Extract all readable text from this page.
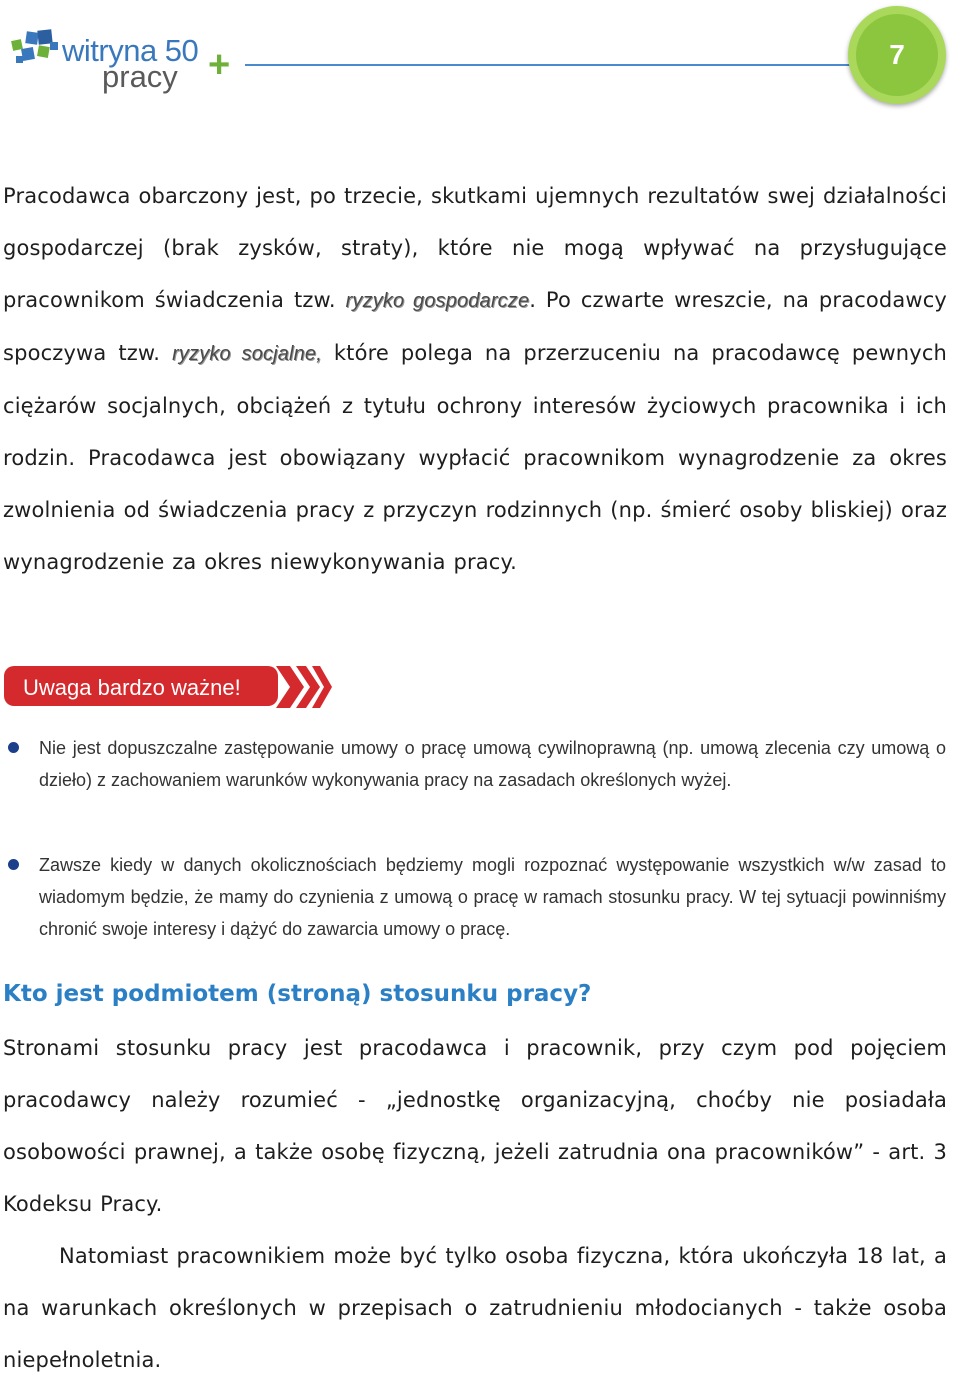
witryna 50 +
pracy
7

Pracodawca obarczony jest, po trzecie, skutkami ujemnych rezultatów swej działalności gospodarczej (brak zysków, straty), które nie mogą wpływać na przysługujące pracownikom świadczenia tzw. ryzyko gospodarcze. Po czwarte wreszcie, na pracodawcy spoczywa tzw. ryzyko socjalne, które polega na przerzuceniu na pracodawcę pewnych ciężarów socjalnych, obciążeń z tytułu ochrony interesów życiowych pracownika i ich rodzin. Pracodawca jest obowiązany wypłacić pracownikom wynagrodzenie za okres zwolnienia od świadczenia pracy z przyczyn rodzinnych (np. śmierć osoby bliskiej) oraz wynagrodzenie za okres niewykonywania pracy.

Uwaga bardzo ważne!

Nie jest dopuszczalne zastępowanie umowy o pracę umową cywilnoprawną (np. umową zlecenia czy umową o dzieło) z zachowaniem warunków wykonywania pracy na zasadach określonych wyżej.

Zawsze kiedy w danych okolicznościach będziemy mogli rozpoznać występowanie wszystkich w/w zasad to wiadomym będzie, że mamy do czynienia z umową o pracę w ramach stosunku pracy. W tej sytuacji powinniśmy chronić swoje interesy i dążyć do zawarcia umowy o pracę.

Kto jest podmiotem (stroną) stosunku pracy?

Stronami stosunku pracy jest pracodawca i pracownik, przy czym pod pojęciem pracodawcy należy rozumieć - „jednostkę organizacyjną, choćby nie posiadała osobowości prawnej, a także osobę fizyczną, jeżeli zatrudnia ona pracowników” - art. 3 Kodeksu Pracy.

Natomiast pracownikiem może być tylko osoba fizyczna, która ukończyła 18 lat, a na warunkach określonych w przepisach o zatrudnieniu młodocianych - także osoba niepełnoletnia.
